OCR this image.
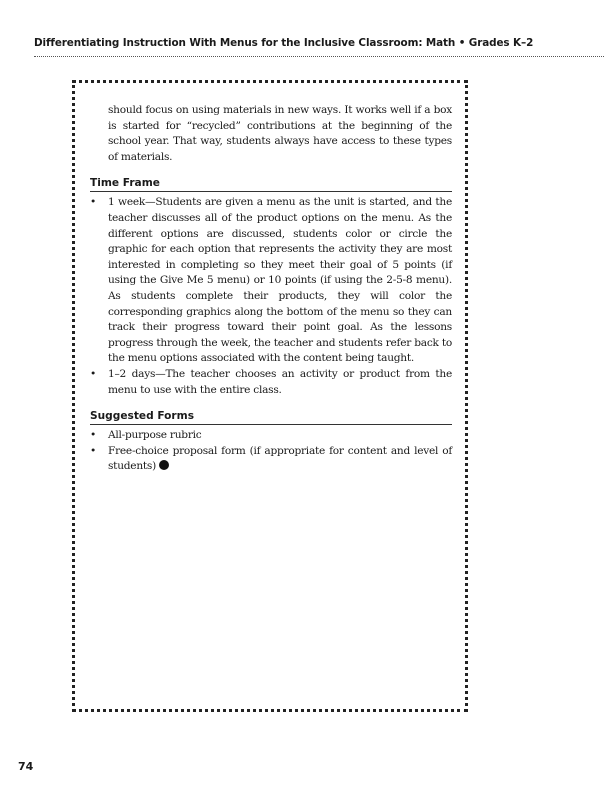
Differentiating Instruction With Menus for the Inclusive Classroom: Math • Grades K–2

should focus on using materials in new ways. It works well if a box is started for “recycled” contributions at the beginning of the school year. That way, students always have access to these types of materials.

Time Frame
• 1 week—Students are given a menu as the unit is started, and the teacher discusses all of the product options on the menu. As the different options are discussed, students color or circle the graphic for each option that represents the activity they are most interested in completing so they meet their goal of 5 points (if using the Give Me 5 menu) or 10 points (if using the 2-5-8 menu). As students complete their products, they will color the corresponding graphics along the bottom of the menu so they can track their progress toward their point goal. As the lessons progress through the week, the teacher and students refer back to the menu options associated with the content being taught.
• 1–2 days—The teacher chooses an activity or product from the menu to use with the entire class.
Suggested Forms
• All-purpose rubric
• Free-choice proposal form (if appropriate for content and level of students)
74
